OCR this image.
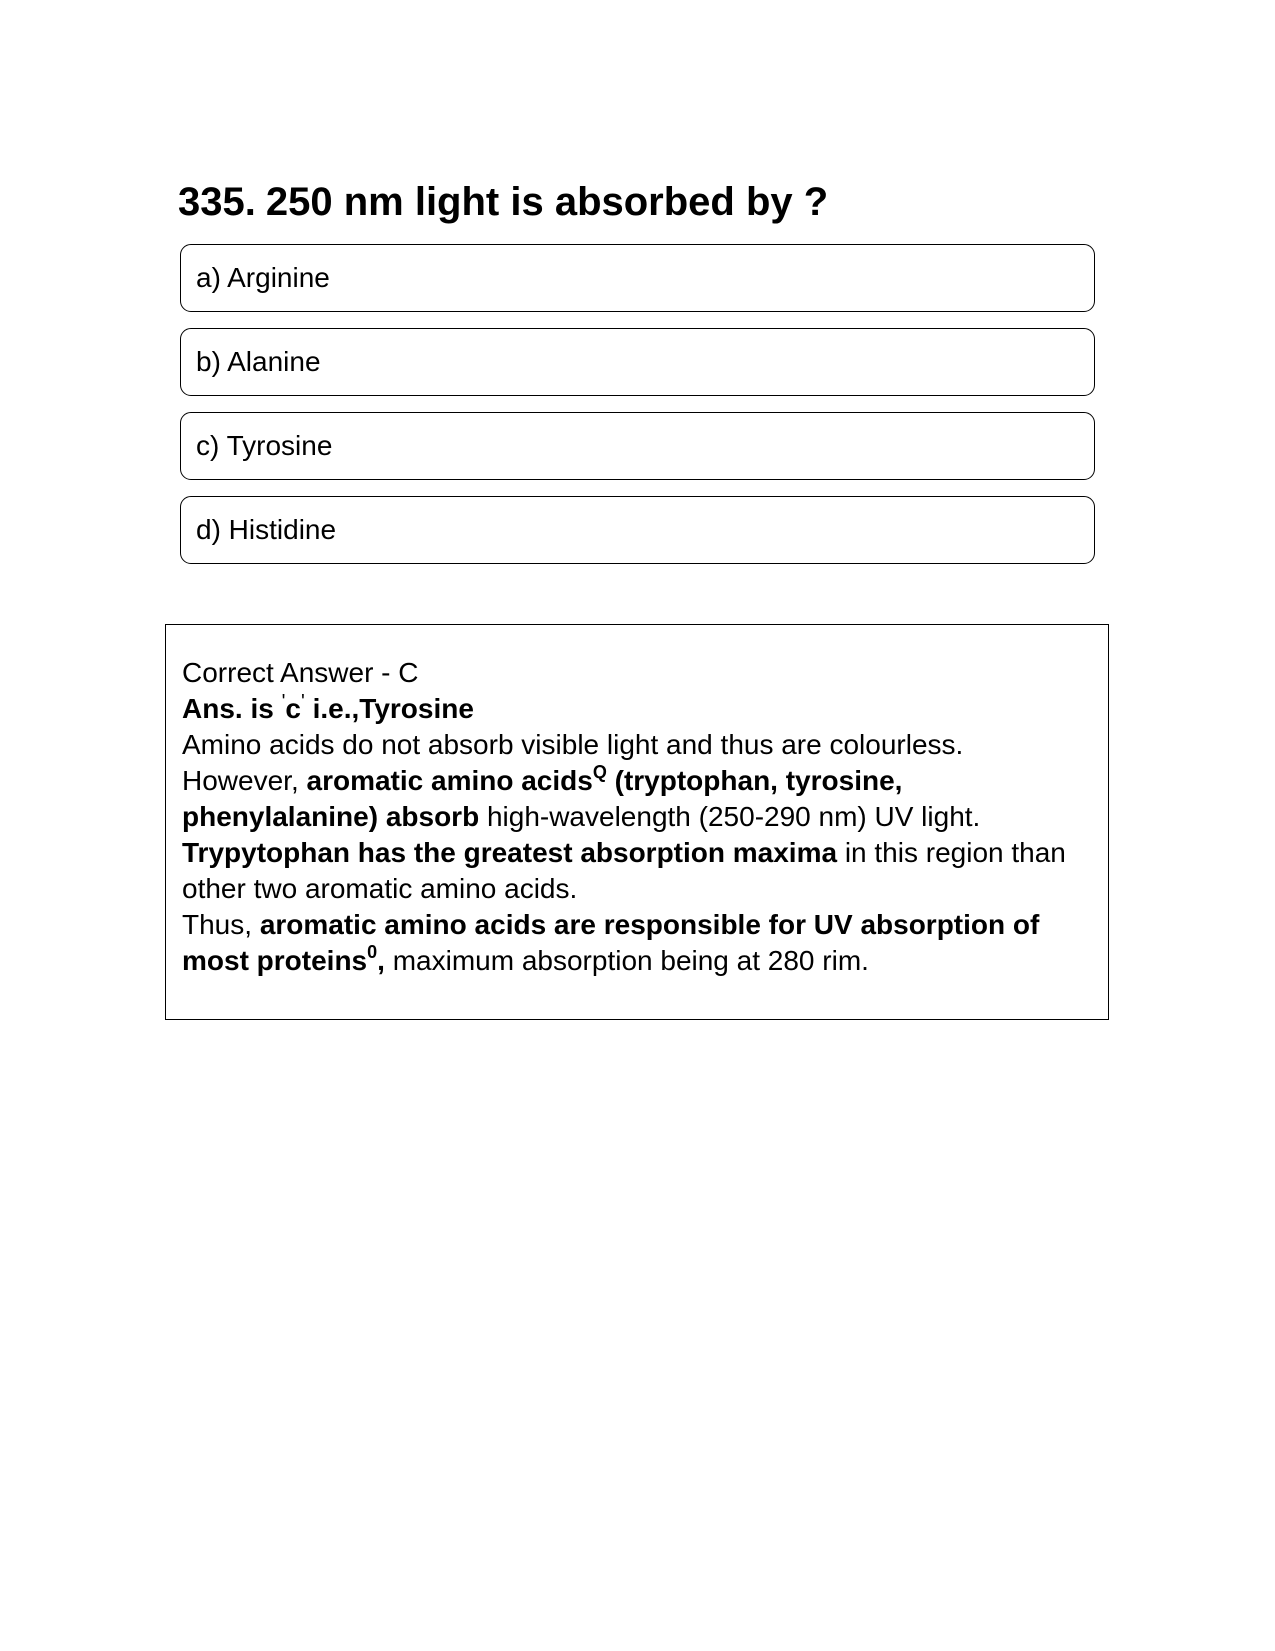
335. 250 nm light is absorbed by ?
a) Arginine
b) Alanine
c) Tyrosine
d) Histidine

Correct Answer - C

Ans. is 'c' i.e.,Tyrosine

Amino acids do not absorb visible light and thus are colourless.

However, aromatic amino acids$^Q$ (tryptophan, tyrosine, phenylalanine) absorb high-wavelength (250-290 nm) UV light.

Trypytophan has the greatest absorption maxima in this region than other two aromatic amino acids.

Thus, aromatic amino acids are responsible for UV absorption of most proteins$^0$, maximum absorption being at 280 rim.
